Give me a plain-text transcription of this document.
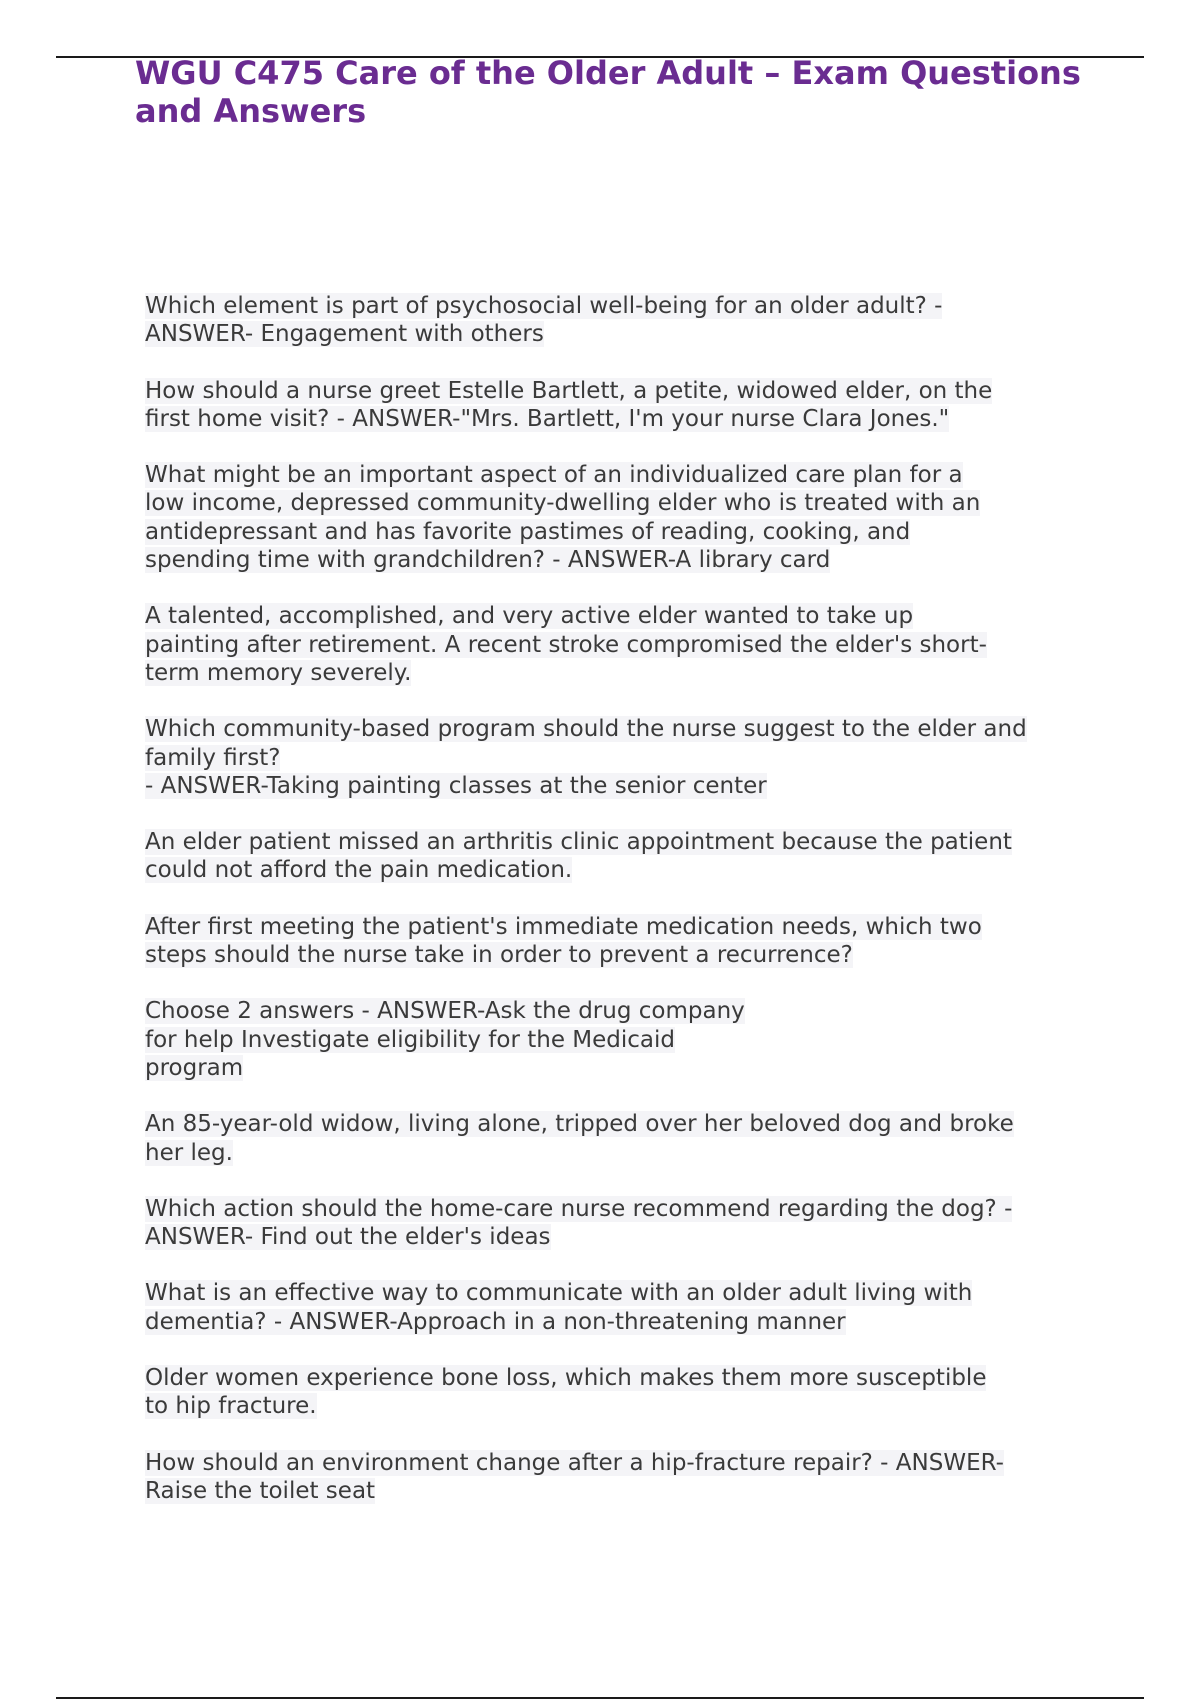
WGU C475 Care of the Older Adult – Exam Questions
and Answers

Which element is part of psychosocial well-being for an older adult? -
ANSWER- Engagement with others

How should a nurse greet Estelle Bartlett, a petite, widowed elder, on the
first home visit? - ANSWER-"Mrs. Bartlett, I'm your nurse Clara Jones."

What might be an important aspect of an individualized care plan for a
low income, depressed community-dwelling elder who is treated with an
antidepressant and has favorite pastimes of reading, cooking, and
spending time with grandchildren? - ANSWER-A library card

A talented, accomplished, and very active elder wanted to take up
painting after retirement. A recent stroke compromised the elder's short-
term memory severely.

Which community-based program should the nurse suggest to the elder and
family first?
- ANSWER-Taking painting classes at the senior center

An elder patient missed an arthritis clinic appointment because the patient
could not afford the pain medication.

After first meeting the patient's immediate medication needs, which two
steps should the nurse take in order to prevent a recurrence?

Choose 2 answers - ANSWER-Ask the drug company
for help Investigate eligibility for the Medicaid
program

An 85-year-old widow, living alone, tripped over her beloved dog and broke
her leg.

Which action should the home-care nurse recommend regarding the dog? -
ANSWER- Find out the elder's ideas

What is an effective way to communicate with an older adult living with
dementia? - ANSWER-Approach in a non-threatening manner

Older women experience bone loss, which makes them more susceptible
to hip fracture.

How should an environment change after a hip-fracture repair? - ANSWER-
Raise the toilet seat
